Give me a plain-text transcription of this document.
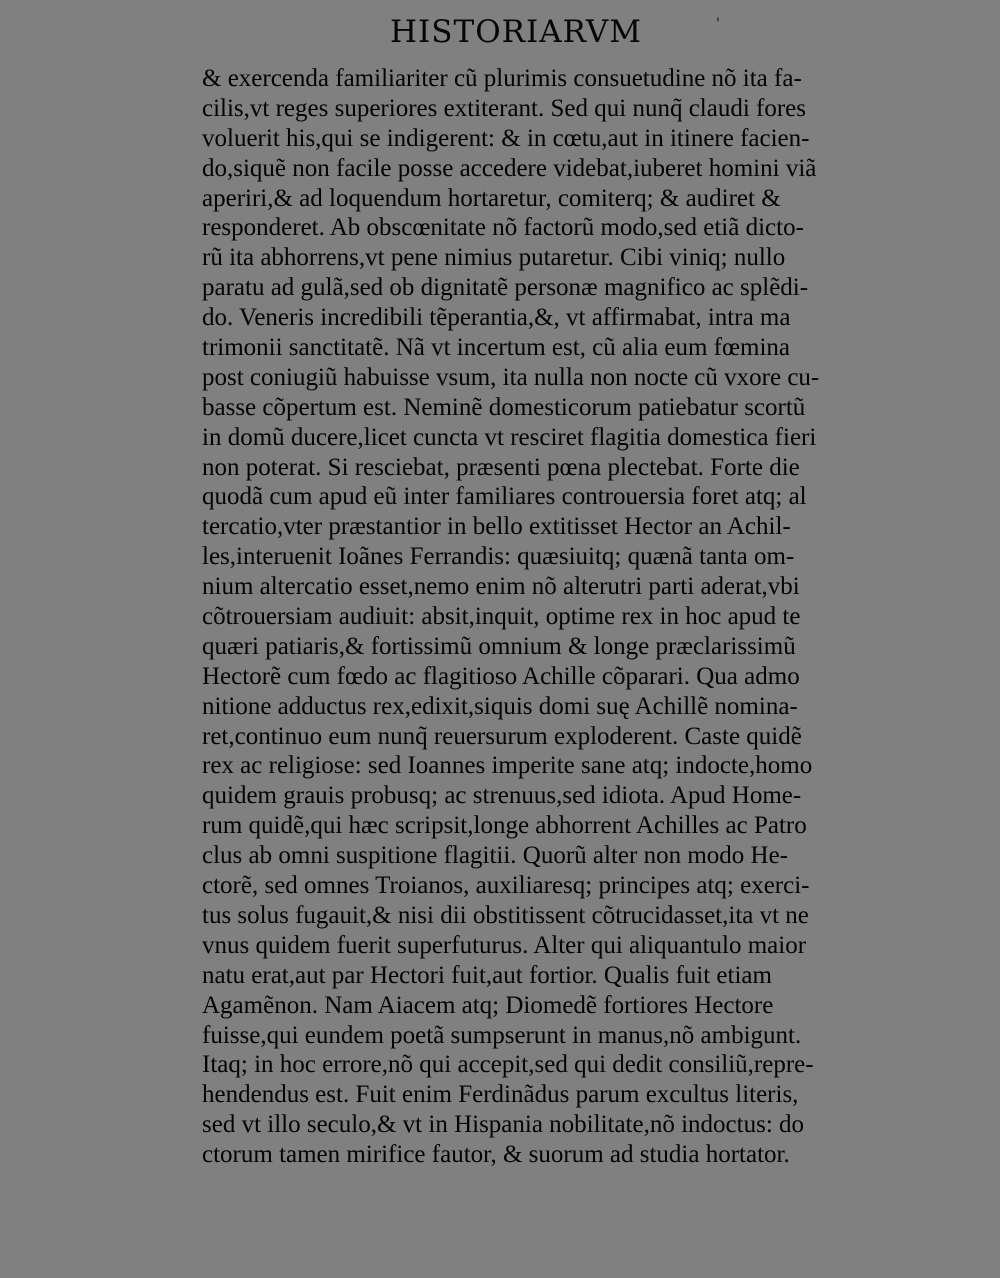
HISTORIARVM	'
& exercenda familiariter cũ plurimis consuetudine nõ ita fa-
cilis,vt reges superiores extiterant. Sed qui nunq̃ claudi fores
voluerit his,qui se indigerent: & in cœtu,aut in itinere facien-
do,siquẽ non facile posse accedere videbat,iuberet homini viã
aperiri,& ad loquendum hortaretur, comiterq; & audiret &
responderet. Ab obscœnitate nõ factorũ modo,sed etiã dicto-
rũ ita abhorrens,vt pene nimius putaretur. Cibi viniq; nullo
paratu ad gulã,sed ob dignitatẽ personæ magnifico ac splẽdi-
do. Veneris incredibili tẽperantia,&, vt affirmabat, intra ma
trimonii sanctitatẽ. Nã vt incertum est, cũ alia eum fœmina
post coniugiũ habuisse vsum, ita nulla non nocte cũ vxore cu-
basse cõpertum est. Neminẽ domesticorum patiebatur scortũ
in domũ ducere,licet cuncta vt resciret flagitia domestica fieri
non poterat. Si resciebat, præsenti pœna plectebat. Forte die
quodã cum apud eũ inter familiares controuersia foret atq; al
tercatio,vter præstantior in bello extitisset Hector an Achil-
les,interuenit Ioãnes Ferrandis: quæsiuitq; quænã tanta om-
nium altercatio esset,nemo enim nõ alterutri parti aderat,vbi
cõtrouersiam audiuit: absit,inquit, optime rex in hoc apud te
quæri patiaris,& fortissimũ omnium & longe præclarissimũ
Hectorẽ cum fœdo ac flagitioso Achille cõparari. Qua admo
nitione adductus rex,edixit,siquis domi suę Achillẽ nomina-
ret,continuo eum nunq̃ reuersurum exploderent. Caste quidẽ
rex ac religiose: sed Ioannes imperite sane atq; indocte,homo
quidem grauis probusq; ac strenuus,sed idiota. Apud Home-
rum quidẽ,qui hæc scripsit,longe abhorrent Achilles ac Patro
clus ab omni suspitione flagitii. Quorũ alter non modo He-
ctorẽ, sed omnes Troianos, auxiliaresq; principes atq; exerci-
tus solus fugauit,& nisi dii obstitissent cõtrucidasset,ita vt ne
vnus quidem fuerit superfuturus. Alter qui aliquantulo maior
natu erat,aut par Hectori fuit,aut fortior. Qualis fuit etiam
Agamẽnon. Nam Aiacem atq; Diomedẽ fortiores Hectore
fuisse,qui eundem poetã sumpserunt in manus,nõ ambigunt.
Itaq; in hoc errore,nõ qui accepit,sed qui dedit consiliũ,repre-
hendendus est. Fuit enim Ferdinãdus parum excultus literis,
sed vt illo seculo,& vt in Hispania nobilitate,nõ indoctus: do
ctorum tamen mirifice fautor, & suorum ad studia hortator.
